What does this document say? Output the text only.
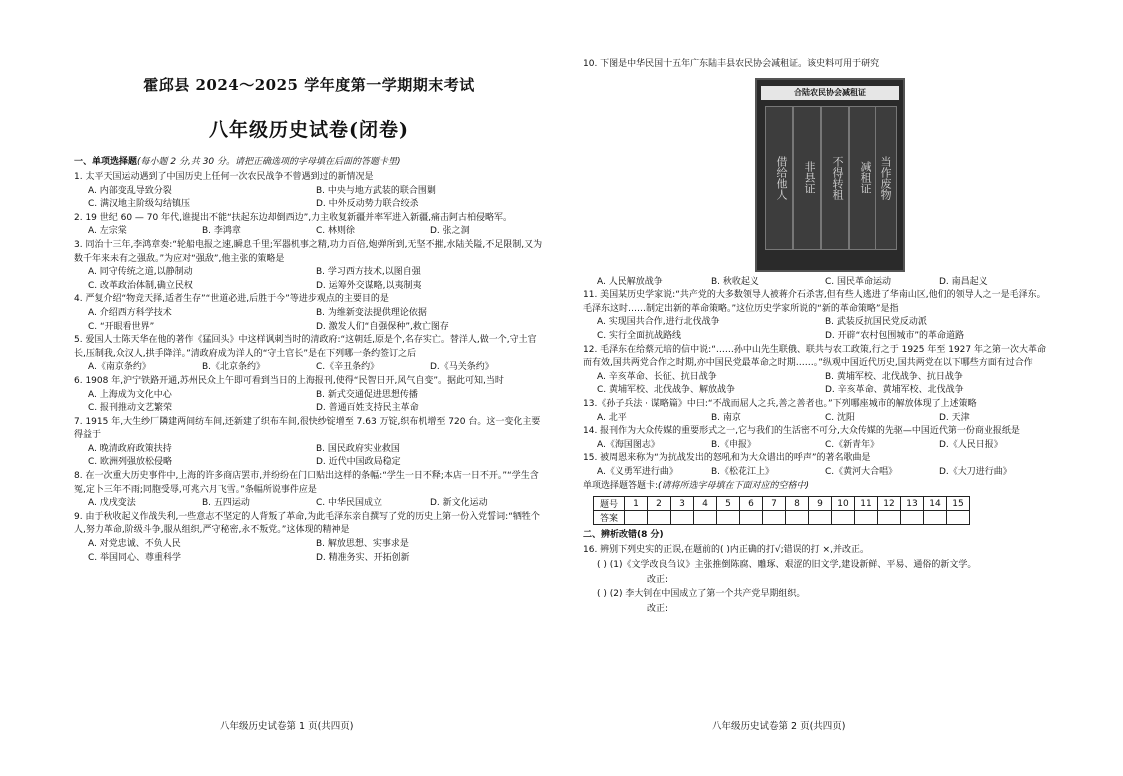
霍邱县 2024～2025 学年度第一学期期末考试
八年级历史试卷(闭卷)
一、单项选择题(每小题 2 分,共 30 分。请把正确选项的字母填在后面的答题卡里)
1. 太平天国运动遇到了中国历史上任何一次农民战争不曾遇到过的新情况是
A. 内部变乱导致分裂	B. 中央与地方武装的联合围剿
C. 满汉地主阶级勾结镇压	D. 中外反动势力联合绞杀
2. 19 世纪 60 — 70 年代,谁提出不能“扶起东边却倒西边”,力主收复新疆并率军进入新疆,痛击阿古柏侵略军。
A. 左宗棠	B. 李鸿章	C. 林则徐	D. 张之洞
3. 同治十三年,李鸿章奏:“轮船电报之速,瞬息千里;军器机事之精,功力百倍,炮弹所到,无坚不摧,水陆关隘,不足限制,又为数千年来未有之强敌。”为应对“强敌”,他主张的策略是
A. 同守传统之道,以静制动	B. 学习西方技术,以图自强
C. 改革政治体制,确立民权	D. 运筹外交谋略,以夷制夷
4. 严复介绍“物竞天择,适者生存”“世道必进,后胜于今”等进步观点的主要目的是
A. 介绍西方科学技术	B. 为维新变法提供理论依据
C. “开眼看世界”	D. 激发人们“自强保种”,救亡图存
5. 爱国人士陈天华在他的著作《猛回头》中这样讽刺当时的清政府:“这朝廷,原是个,名存实亡。替洋人,做一个,守土官长,压制我,众汉人,拱手降洋。”清政府成为洋人的“守土官长”是在下列哪一条约签订之后
A.《南京条约》	B.《北京条约》	C.《辛丑条约》	D.《马关条约》
6. 1908 年,沪宁铁路开通,苏州民众上午即可看到当日的上海报刊,使得“民智日开,风气自变”。据此可知,当时
A. 上海成为文化中心	B. 新式交通促进思想传播
C. 报刊推动文艺繁荣	D. 普通百姓支持民主革命
7. 1915 年,大生纱厂隣建两间纺车间,还新建了织布车间,很快纱锭增至 7.63 万锭,织布机增至 720 台。这一变化主要得益于
A. 晚清政府政策扶持	B. 国民政府实业救国
C. 欧洲列强放松侵略	D. 近代中国政局稳定
8. 在一次重大历史事件中,上海的许多商店罢市,并纷纷在门口贴出这样的条幅:“学生一日不释;本店一日不开。”“学生含冤,定卜三年不雨;同胞受辱,可兆六月飞雪。”条幅所说事件应是
A. 戊戌变法	B. 五四运动	C. 中华民国成立	D. 新文化运动
9. 由于秋收起义作战失利,一些意志不坚定的人背叛了革命,为此毛泽东亲自撰写了党的历史上第一份入党誓词:“牺牲个人,努力革命,阶级斗争,服从组织,严守秘密,永不叛党。”这体现的精神是
A. 对党忠诚、不负人民	B. 解放思想、实事求是
C. 举国同心、尊重科学	D. 精准务实、开拓创新
10. 下图是中华民国十五年广东陆丰县农民协会减租证。该史料可用于研究
合陆农民协会减租证
借给他人	非县证	不得转租	减租证 当作废物
A. 人民解放战争	B. 秋收起义	C. 国民革命运动	D. 南昌起义
11. 美国某历史学家说:“共产党的大多数领导人被蒋介石杀害,但有些人逃进了华南山区,他们的领导人之一是毛泽东。毛泽东这时……制定出新的革命策略。”这位历史学家所说的“新的革命策略”是指
A. 实现国共合作,进行北伐战争	B. 武装反抗国民党反动派
C. 实行全面抗战路线	D. 开辟“农村包围城市”的革命道路
12. 毛泽东在给蔡元培的信中说:“……孙中山先生联俄、联共与农工政策,行之于 1925 年至 1927 年之第一次大革命而有效,国共两党合作之时期,亦中国民党最革命之时期……。”纵观中国近代历史,国共两党在以下哪些方面有过合作
A. 辛亥革命、长征、抗日战争	B. 黄埔军校、北伐战争、抗日战争
C. 黄埔军校、北伐战争、解放战争	D. 辛亥革命、黄埔军校、北伐战争
13.《孙子兵法 · 谋略篇》中曰:“不战而屈人之兵,善之善者也。”下列哪座城市的解放体现了上述策略
A. 北平	B. 南京	C. 沈阳	D. 天津
14. 报刊作为大众传媒的重要形式之一,它与我们的生活密不可分,大众传媒的先驱—中国近代第一份商业报纸是
A.《海国图志》	B.《申报》	C.《新青年》	D.《人民日报》
15. 被周恩来称为“为抗战发出的怒吼和为大众谱出的呼声”的著名歌曲是
A.《义勇军进行曲》	B.《松花江上》	C.《黄河大合唱》	D.《大刀进行曲》
单项选择题答题卡:(请将所选字母填在下面对应的空格中)
题号	1	2	3	4	5	6	7	8	9	10	11	12	13	14	15
答案															
二、辨析改错(8 分)
16. 辨别下列史实的正误,在题前的( )内正确的打√;错误的打 ×,并改正。
( ) (1)《文学改良刍议》主张推倒陈腐、雕琢、艰涩的旧文学,建设新鲜、平易、通俗的新文学。
改正:
( ) (2) 李大钊在中国成立了第一个共产党早期组织。
改正:
八年级历史试卷第 1 页(共四页)	八年级历史试卷第 2 页(共四页)
